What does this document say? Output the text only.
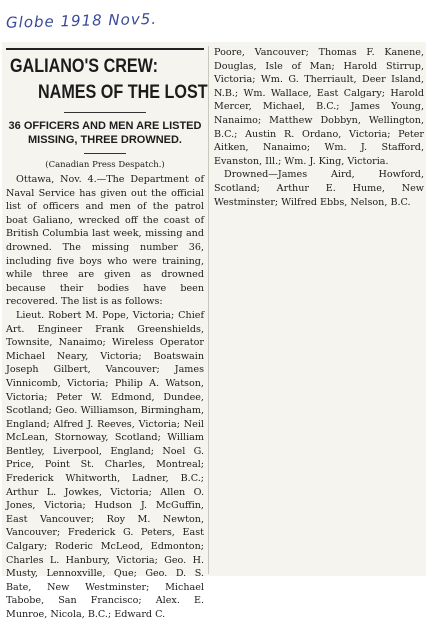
Globe 1918 Nov5.
GALIANO'S CREW:
NAMES OF THE LOST
36 OFFICERS AND MEN ARE LISTED MISSING, THREE DROWNED.
(Canadian Press Despatch.)

Ottawa, Nov. 4.—The Department of Naval Service has given out the official list of officers and men of the patrol boat Galiano, wrecked off the coast of British Columbia last week, missing and drowned. The missing number 36, including five boys who were training, while three are given as drowned because their bodies have been recovered. The list is as follows:

Lieut. Robert M. Pope, Victoria; Chief Art. Engineer Frank Greenshields, Townsite, Nanaimo; Wireless Operator Michael Neary, Victoria; Boatswain Joseph Gilbert, Vancouver; James Vinnicomb, Victoria; Philip A. Watson, Victoria; Peter W. Edmond, Dundee, Scotland; Geo. Williamson, Birmingham, England; Alfred J. Reeves, Victoria; Neil McLean, Stornoway, Scotland; William Bentley, Liverpool, England; Noel G. Price, Point St. Charles, Montreal; Frederick Whitworth, Ladner, B.C.; Arthur L. Jowkes, Victoria; Allen O. Jones, Victoria; Hudson J. McGuffin, East Vancouver; Roy M. Newton, Vancouver; Frederick G. Peters, East Calgary; Roderic McLeod, Edmonton; Charles L. Hanbury, Victoria; Geo. H. Musty, Lennoxville, Que; Geo. D. S. Bate, New Westminster; Michael Tabobe, San Francisco; Alex. E. Munroe, Nicola, B.C.; Edward C.

Poore, Vancouver; Thomas F. Kanene, Douglas, Isle of Man; Harold Stirrup, Victoria; Wm. G. Therriault, Deer Island, N.B.; Wm. Wallace, East Calgary; Harold Mercer, Michael, B.C.; James Young, Nanaimo; Matthew Dobbyn, Wellington, B.C.; Austin R. Ordano, Victoria; Peter Aitken, Nanaimo; Wm. J. Stafford, Evanston, Ill.; Wm. J. King, Victoria.

Drowned—James Aird, Howford, Scotland; Arthur E. Hume, New Westminster; Wilfred Ebbs, Nelson, B.C.
